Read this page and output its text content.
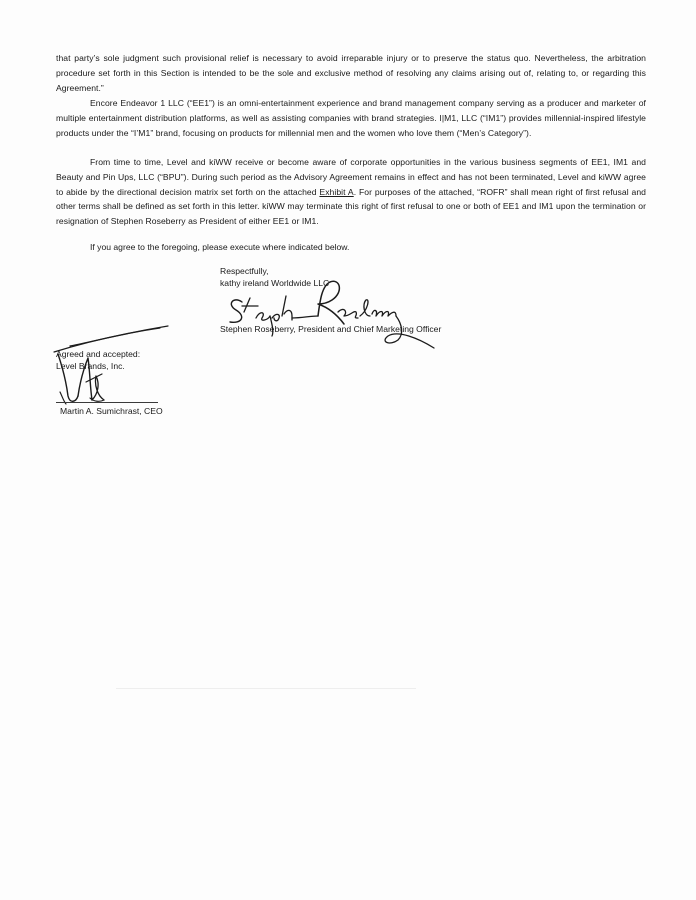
that party’s sole judgment such provisional relief is necessary to avoid irreparable injury or to preserve the status quo. Nevertheless, the arbitration procedure set forth in this Section is intended to be the sole and exclusive method of resolving any claims arising out of, relating to, or regarding this Agreement.”

Encore Endeavor 1 LLC (“EE1”) is an omni-entertainment experience and brand management company serving as a producer and marketer of multiple entertainment distribution platforms, as well as assisting companies with brand strategies. I|M1, LLC (“IM1”) provides millennial-inspired lifestyle products under the “I’M1” brand, focusing on products for millennial men and the women who love them (“Men’s Category”).

From time to time, Level and kiWW receive or become aware of corporate opportunities in the various business segments of EE1, IM1 and Beauty and Pin Ups, LLC (“BPU”). During such period as the Advisory Agreement remains in effect and has not been terminated, Level and kiWW agree to abide by the directional decision matrix set forth on the attached Exhibit A. For purposes of the attached, “ROFR” shall mean right of first refusal and other terms shall be defined as set forth in this letter. kiWW may terminate this right of first refusal to one or both of EE1 and IM1 upon the termination or resignation of Stephen Roseberry as President of either EE1 or IM1.

If you agree to the foregoing, please execute where indicated below.

Respectfully,

kathy ireland Worldwide LLC

Stephen Roseberry, President and Chief Marketing Officer

Agreed and accepted:

Level Brands, Inc.

Martin A. Sumichrast, CEO
